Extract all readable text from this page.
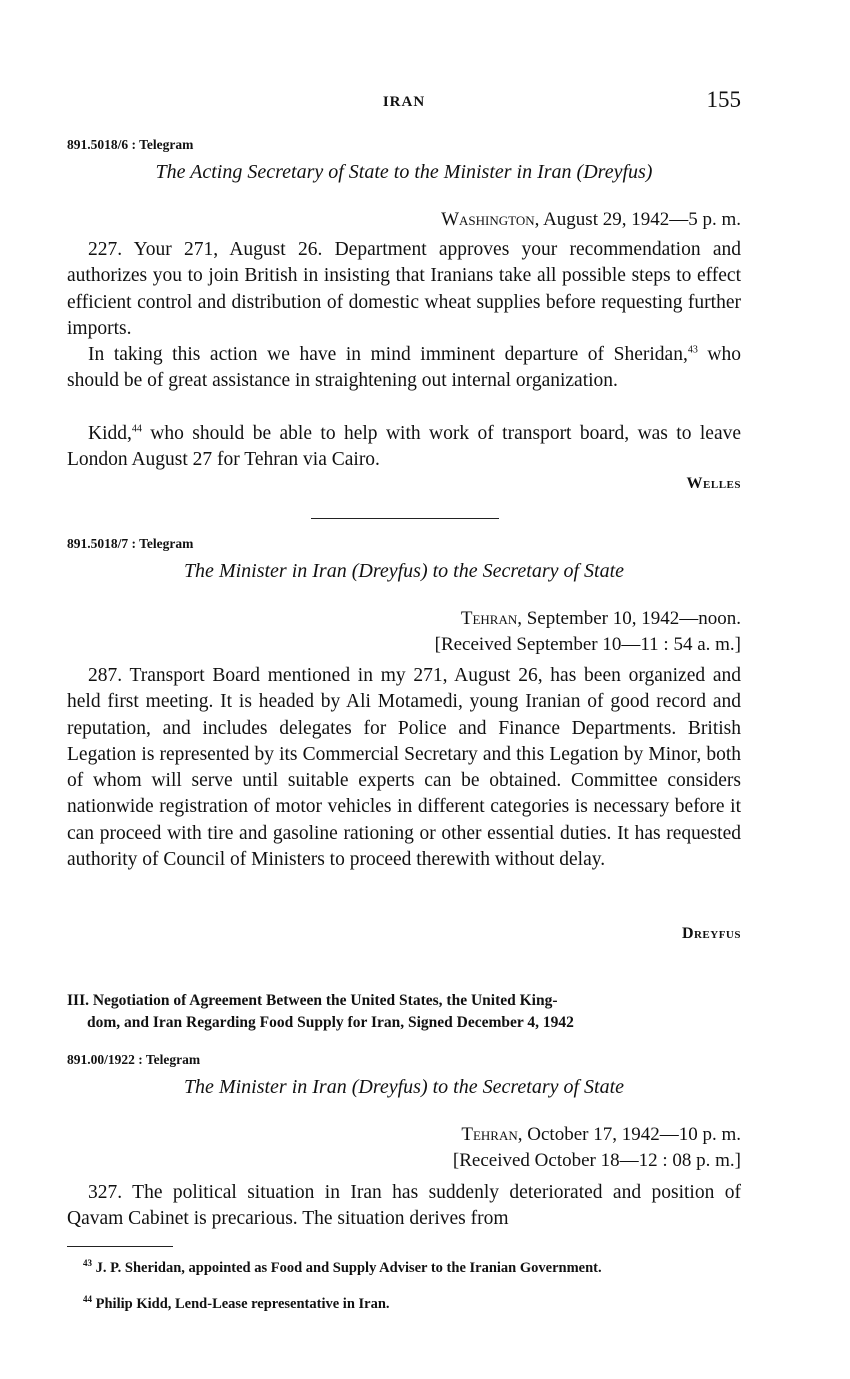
IRAN	155
891.5018/6 : Telegram
The Acting Secretary of State to the Minister in Iran (Dreyfus)
Washington, August 29, 1942—5 p. m.

227. Your 271, August 26. Department approves your recommendation and authorizes you to join British in insisting that Iranians take all possible steps to effect efficient control and distribution of domestic wheat supplies before requesting further imports.

In taking this action we have in mind imminent departure of Sheridan,$^{43}$ who should be of great assistance in straightening out internal organization.

Kidd,$^{44}$ who should be able to help with work of transport board, was to leave London August 27 for Tehran via Cairo.

Welles
891.5018/7 : Telegram
The Minister in Iran (Dreyfus) to the Secretary of State
Tehran, September 10, 1942—noon.
[Received September 10—11 : 54 a. m.]

287. Transport Board mentioned in my 271, August 26, has been organized and held first meeting. It is headed by Ali Motamedi, young Iranian of good record and reputation, and includes delegates for Police and Finance Departments. British Legation is represented by its Commercial Secretary and this Legation by Minor, both of whom will serve until suitable experts can be obtained. Committee considers nationwide registration of motor vehicles in different categories is necessary before it can proceed with tire and gasoline rationing or other essential duties. It has requested authority of Council of Ministers to proceed therewith without delay.

Dreyfus
III. Negotiation of Agreement Between the United States, the United King-
dom, and Iran Regarding Food Supply for Iran, Signed December 4, 1942
891.00/1922 : Telegram
The Minister in Iran (Dreyfus) to the Secretary of State
Tehran, October 17, 1942—10 p. m.
[Received October 18—12 : 08 p. m.]

327. The political situation in Iran has suddenly deteriorated and position of Qavam Cabinet is precarious. The situation derives from

$^{43}$ J. P. Sheridan, appointed as Food and Supply Adviser to the Iranian Government.

$^{44}$ Philip Kidd, Lend-Lease representative in Iran.
